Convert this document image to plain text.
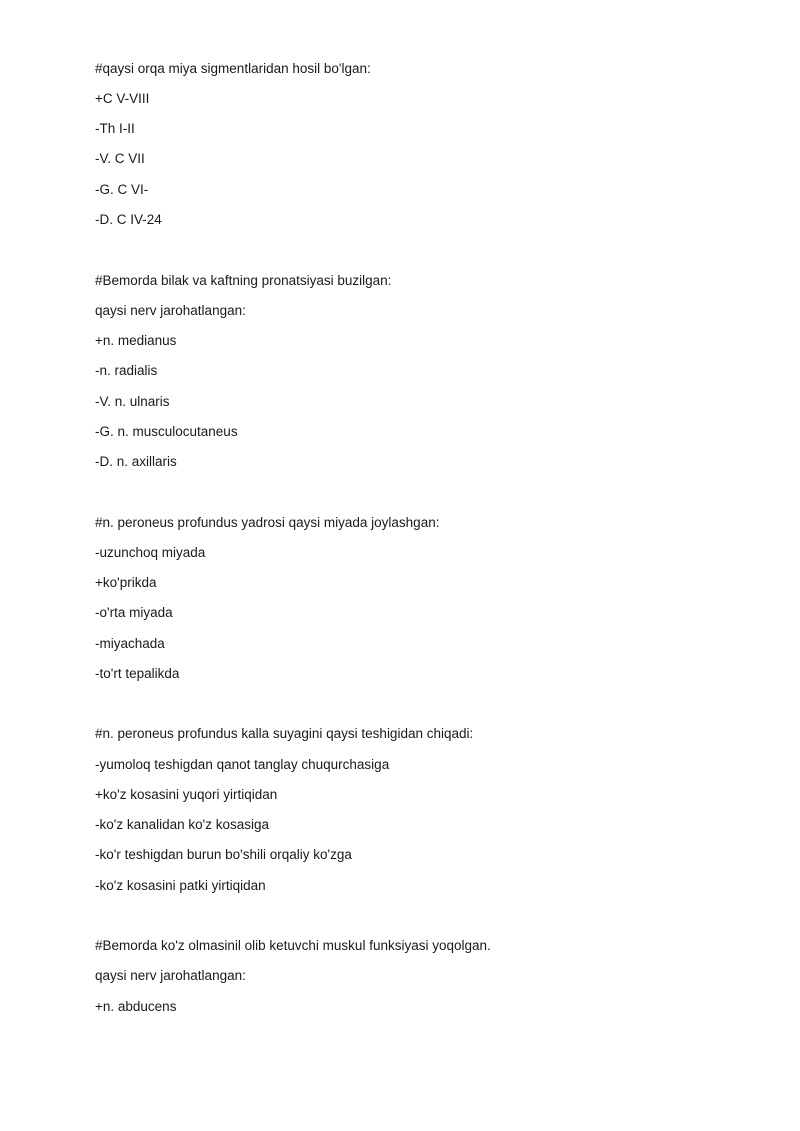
#qaysi orqa miya sigmentlaridan hosil bo'lgan:
+C V-VIII
-Th I-II
-V. C VII
-G. C VI-
-D. C IV-24
#Bemorda bilak va kaftning pronatsiyasi buzilgan:
qaysi nerv jarohatlangan:
+n. medianus
-n. radialis
-V. n. ulnaris
-G. n. musculocutaneus
-D. n. axillaris
#n. peroneus profundus yadrosi qaysi miyada joylashgan:
-uzunchoq miyada
+ko'prikda
-o'rta miyada
-miyachada
-to'rt tepalikda
#n. peroneus profundus kalla suyagini qaysi teshigidan chiqadi:
-yumoloq teshigdan qanot tanglay chuqurchasiga
+ko'z kosasini yuqori yirtiqidan
-ko'z kanalidan ko'z kosasiga
-ko'r teshigdan burun bo'shili orqaliy ko'zga
-ko'z kosasini patki yirtiqidan
#Bemorda ko'z olmasinil olib ketuvchi muskul funksiyasi yoqolgan.
qaysi nerv jarohatlangan:
+n. abducens
